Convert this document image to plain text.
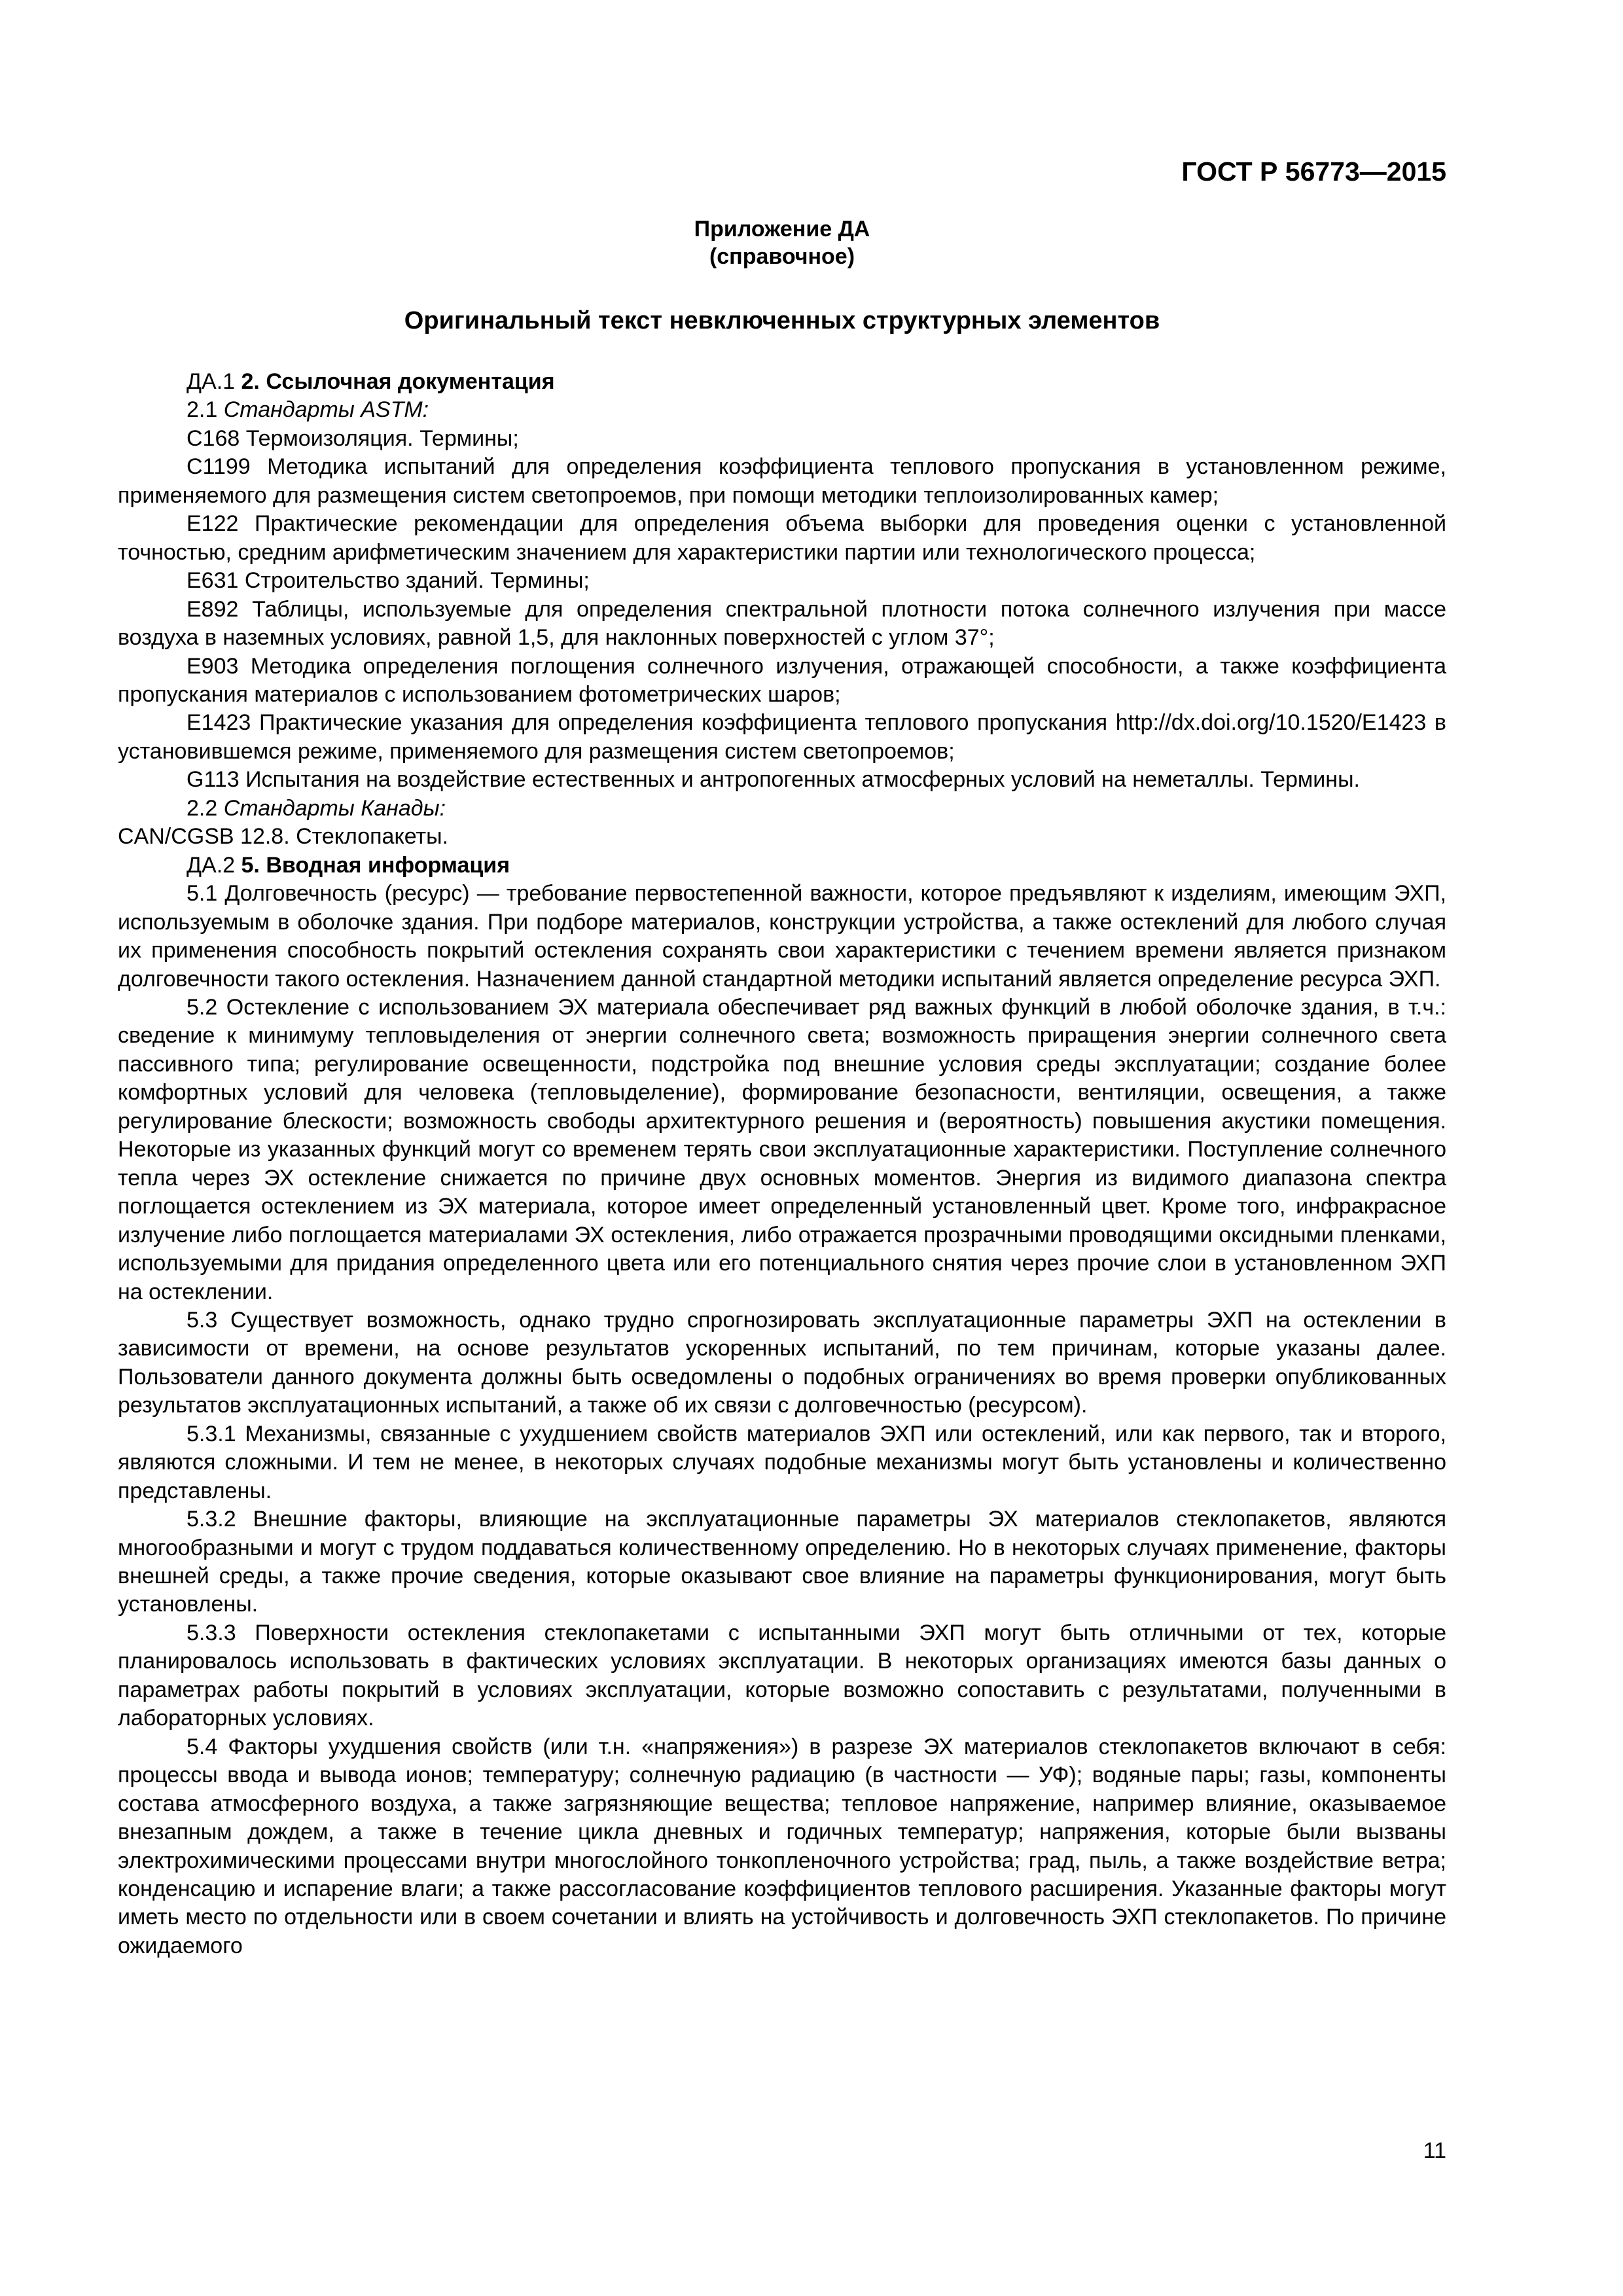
ГОСТ Р 56773—2015
Приложение ДА
(справочное)
Оригинальный текст невключенных структурных элементов

ДА.1 2. Ссылочная документация

2.1 Стандарты ASTM:

С168 Термоизоляция. Термины;

С1199 Методика испытаний для определения коэффициента теплового пропускания в установленном режиме, применяемого для размещения систем светопроемов, при помощи методики теплоизолированных камер;

Е122 Практические рекомендации для определения объема выборки для проведения оценки с установленной точностью, средним арифметическим значением для характеристики партии или технологического процесса;

Е631 Строительство зданий. Термины;

Е892 Таблицы, используемые для определения спектральной плотности потока солнечного излучения при массе воздуха в наземных условиях, равной 1,5, для наклонных поверхностей с углом 37°;

Е903 Методика определения поглощения солнечного излучения, отражающей способности, а также коэффициента пропускания материалов с использованием фотометрических шаров;

Е1423 Практические указания для определения коэффициента теплового пропускания http://dx.doi.org/10.1520/E1423 в установившемся режиме, применяемого для размещения систем светопроемов;

G113 Испытания на воздействие естественных и антропогенных атмосферных условий на неметаллы. Термины.

2.2 Стандарты Канады:

CAN/CGSB 12.8. Стеклопакеты.

ДА.2 5. Вводная информация

5.1 Долговечность (ресурс) — требование первостепенной важности, которое предъявляют к изделиям, имеющим ЭХП, используемым в оболочке здания. При подборе материалов, конструкции устройства, а также остеклений для любого случая их применения способность покрытий остекления сохранять свои характеристики с течением времени является признаком долговечности такого остекления. Назначением данной стандартной методики испытаний является определение ресурса ЭХП.

5.2 Остекление с использованием ЭХ материала обеспечивает ряд важных функций в любой оболочке здания, в т.ч.: сведение к минимуму тепловыделения от энергии солнечного света; возможность приращения энергии солнечного света пассивного типа; регулирование освещенности, подстройка под внешние условия среды эксплуатации; создание более комфортных условий для человека (тепловыделение), формирование безопасности, вентиляции, освещения, а также регулирование блескости; возможность свободы архитектурного решения и (вероятность) повышения акустики помещения. Некоторые из указанных функций могут со временем терять свои эксплуатационные характеристики. Поступление солнечного тепла через ЭХ остекление снижается по причине двух основных моментов. Энергия из видимого диапазона спектра поглощается остеклением из ЭХ материала, которое имеет определенный установленный цвет. Кроме того, инфракрасное излучение либо поглощается материалами ЭХ остекления, либо отражается прозрачными проводящими оксидными пленками, используемыми для придания определенного цвета или его потенциального снятия через прочие слои в установленном ЭХП на остеклении.

5.3 Существует возможность, однако трудно спрогнозировать эксплуатационные параметры ЭХП на остеклении в зависимости от времени, на основе результатов ускоренных испытаний, по тем причинам, которые указаны далее. Пользователи данного документа должны быть осведомлены о подобных ограничениях во время проверки опубликованных результатов эксплуатационных испытаний, а также об их связи с долговечностью (ресурсом).

5.3.1 Механизмы, связанные с ухудшением свойств материалов ЭХП или остеклений, или как первого, так и второго, являются сложными. И тем не менее, в некоторых случаях подобные механизмы могут быть установлены и количественно представлены.

5.3.2 Внешние факторы, влияющие на эксплуатационные параметры ЭХ материалов стеклопакетов, являются многообразными и могут с трудом поддаваться количественному определению. Но в некоторых случаях применение, факторы внешней среды, а также прочие сведения, которые оказывают свое влияние на параметры функционирования, могут быть установлены.

5.3.3 Поверхности остекления стеклопакетами с испытанными ЭХП могут быть отличными от тех, которые планировалось использовать в фактических условиях эксплуатации. В некоторых организациях имеются базы данных о параметрах работы покрытий в условиях эксплуатации, которые возможно сопоставить с результатами, полученными в лабораторных условиях.

5.4 Факторы ухудшения свойств (или т.н. «напряжения») в разрезе ЭХ материалов стеклопакетов включают в себя: процессы ввода и вывода ионов; температуру; солнечную радиацию (в частности — УФ); водяные пары; газы, компоненты состава атмосферного воздуха, а также загрязняющие вещества; тепловое напряжение, например влияние, оказываемое внезапным дождем, а также в течение цикла дневных и годичных температур; напряжения, которые были вызваны электрохимическими процессами внутри многослойного тонкопленочного устройства; град, пыль, а также воздействие ветра; конденсацию и испарение влаги; а также рассогласование коэффициентов теплового расширения. Указанные факторы могут иметь место по отдельности или в своем сочетании и влиять на устойчивость и долговечность ЭХП стеклопакетов. По причине ожидаемого

11
